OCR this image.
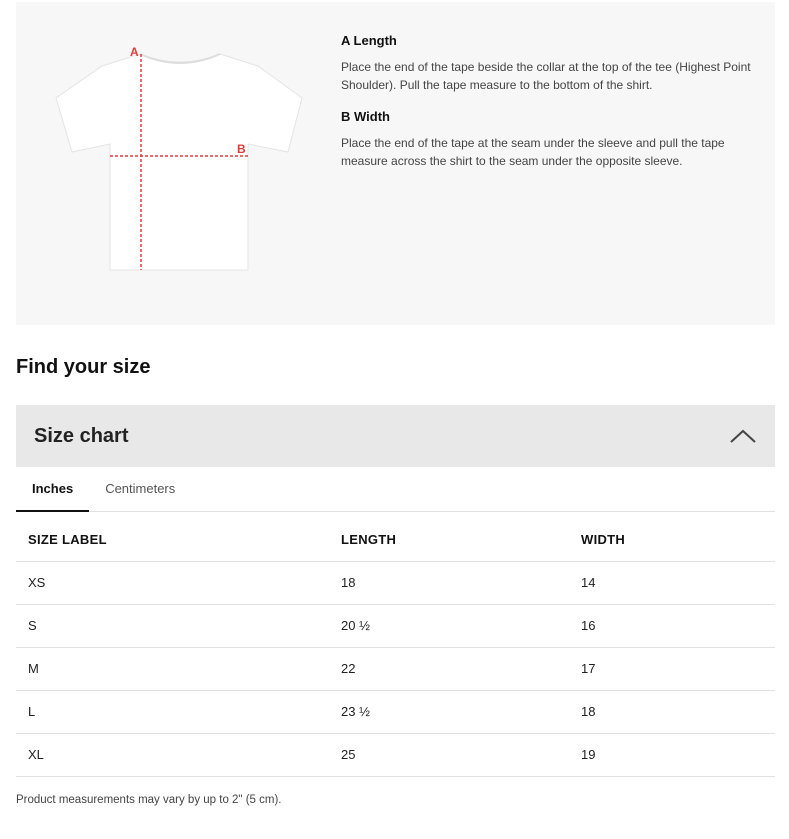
A
B
A Length

Place the end of the tape beside the collar at the top of the tee (Highest Point Shoulder). Pull the tape measure to the bottom of the shirt.

B Width

Place the end of the tape at the seam under the sleeve and pull the tape measure across the shirt to the seam under the opposite sleeve.

Find your size
Size chart
Inches	Centimeters
SIZE LABEL	LENGTH	WIDTH
XS	18	14
S	20 ½	16
M	22	17
L	23 ½	18
XL	25	19

Product measurements may vary by up to 2" (5 cm).
